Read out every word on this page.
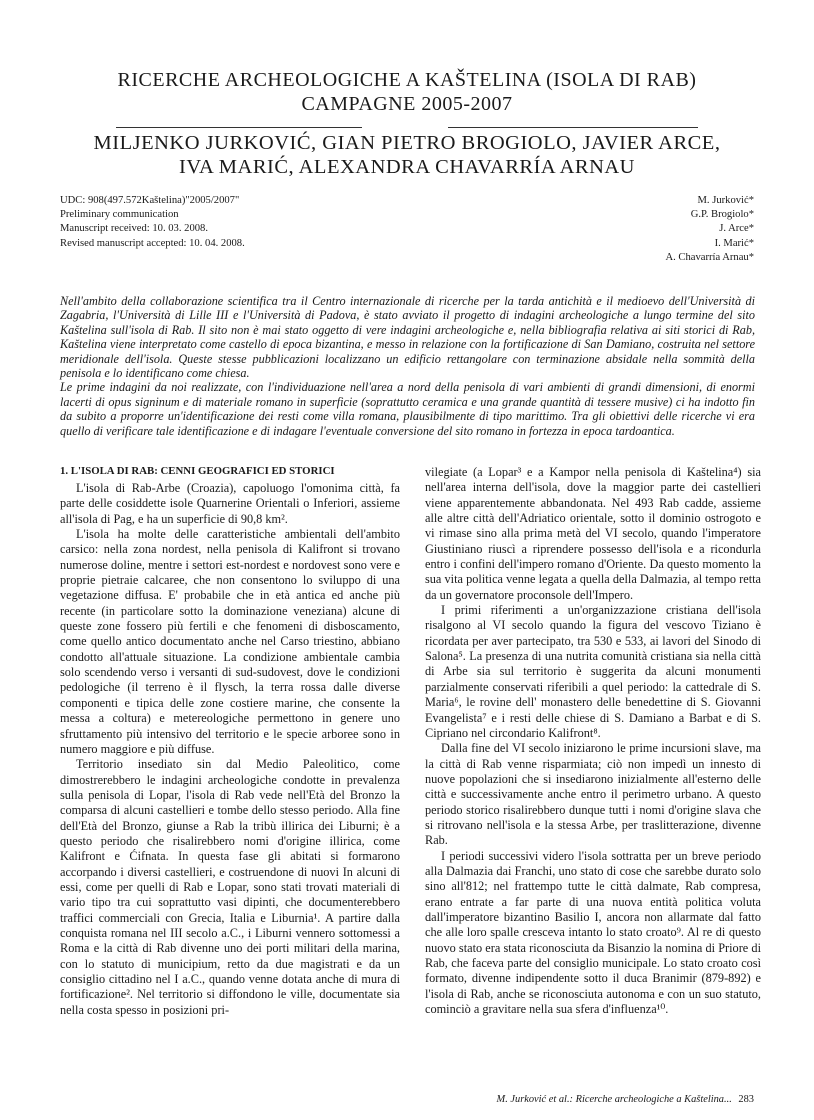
RICERCHE ARCHEOLOGICHE A KAŠTELINA (ISOLA DI RAB)
CAMPAGNE 2005-2007
MILJENKO JURKOVIĆ, GIAN PIETRO BROGIOLO, JAVIER ARCE,
IVA MARIĆ, ALEXANDRA CHAVARRÍA ARNAU
UDC: 908(497.572Kaštelina)"2005/2007"
Preliminary communication
Manuscript received: 10. 03. 2008.
Revised manuscript accepted: 10. 04. 2008.
M. Jurković*
G.P. Brogiolo*
J. Arce*
I. Marić*
A. Chavarría Arnau*

Nell'ambito della collaborazione scientifica tra il Centro internazionale di ricerche per la tarda antichità e il medioevo dell'Università di Zagabria, l'Università di Lille III e l'Università di Padova, è stato avviato il progetto di indagini archeologiche a lungo termine del sito Kaštelina sull'isola di Rab. Il sito non è mai stato oggetto di vere indagini archeologiche e, nella bibliografia relativa ai siti storici di Rab, Kaštelina viene interpretato come castello di epoca bizantina, e messo in relazione con la fortificazione di San Damiano, costruita nel settore meridionale dell'isola. Queste stesse pubblicazioni localizzano un edificio rettangolare con terminazione absidale nella sommità della penisola e lo identificano come chiesa.

Le prime indagini da noi realizzate, con l'individuazione nell'area a nord della penisola di vari ambienti di grandi dimensioni, di enormi lacerti di opus signinum e di materiale romano in superficie (soprattutto ceramica e una grande quantità di tessere musive) ci ha indotto fin da subito a proporre un'identificazione dei resti come villa romana, plausibilmente di tipo marittimo. Tra gli obiettivi delle ricerche vi era quello di verificare tale identificazione e di indagare l'eventuale conversione del sito romano in fortezza in epoca tardoantica.

1. L'ISOLA DI RAB: CENNI GEOGRAFICI ED STORICI

L'isola di Rab-Arbe (Croazia), capoluogo l'omonima città, fa parte delle cosiddette isole Quarnerine Orientali o Inferiori, assieme all'isola di Pag, e ha un superficie di 90,8 km².

L'isola ha molte delle caratteristiche ambientali dell'ambito carsico: nella zona nordest, nella penisola di Kalifront si trovano numerose doline, mentre i settori est-nordest e nordovest sono vere e proprie pietraie calcaree, che non consentono lo sviluppo di una vegetazione diffusa. E' probabile che in età antica ed anche più recente (in particolare sotto la dominazione veneziana) alcune di queste zone fossero più fertili e che fenomeni di disboscamento, come quello antico documentato anche nel Carso triestino, abbiano condotto all'attuale situazione. La condizione ambientale cambia solo scendendo verso i versanti di sud-sudovest, dove le condizioni pedologiche (il terreno è il flysch, la terra rossa dalle diverse componenti e tipica delle zone costiere marine, che consente la messa a coltura) e metereologiche permettono in genere uno sfruttamento più intensivo del territorio e le specie arboree sono in numero maggiore e più diffuse.

Territorio insediato sin dal Medio Paleolitico, come dimostrerebbero le indagini archeologiche condotte in prevalenza sulla penisola di Lopar, l'isola di Rab vede nell'Età del Bronzo la comparsa di alcuni castellieri e tombe dello stesso periodo. Alla fine dell'Età del Bronzo, giunse a Rab la tribù illirica dei Liburni; è a questo periodo che risalirebbero nomi d'origine illirica, come Kalifront e Ćifnata. In questa fase gli abitati si formarono accorpando i diversi castellieri, e costruendone di nuovi In alcuni di essi, come per quelli di Rab e Lopar, sono stati trovati materiali di vario tipo tra cui soprattutto vasi dipinti, che documenterebbero traffici commerciali con Grecia, Italia e Liburnia¹. A partire dalla conquista romana nel III secolo a.C., i Liburni vennero sottomessi a Roma e la città di Rab divenne uno dei porti militari della marina, con lo statuto di municipium, retto da due magistrati e da un consiglio cittadino nel I a.C., quando venne dotata anche di mura di fortificazione². Nel territorio si diffondono le ville, documentate sia nella costa spesso in posizioni pri-

vilegiate (a Lopar³ e a Kampor nella penisola di Kaštelina⁴) sia nell'area interna dell'isola, dove la maggior parte dei castellieri viene apparentemente abbandonata. Nel 493 Rab cadde, assieme alle altre città dell'Adriatico orientale, sotto il dominio ostrogoto e vi rimase sino alla prima metà del VI secolo, quando l'imperatore Giustiniano riuscì a riprendere possesso dell'isola e a ricondurla entro i confini dell'impero romano d'Oriente. Da questo momento la sua vita politica venne legata a quella della Dalmazia, al tempo retta da un governatore proconsole dell'Impero.

I primi riferimenti a un'organizzazione cristiana dell'isola risalgono al VI secolo quando la figura del vescovo Tiziano è ricordata per aver partecipato, tra 530 e 533, ai lavori del Sinodo di Salona⁵. La presenza di una nutrita comunità cristiana sia nella città di Arbe sia sul territorio è suggerita da alcuni monumenti parzialmente conservati riferibili a quel periodo: la cattedrale di S. Maria⁶, le rovine dell' monastero delle benedettine di S. Giovanni Evangelista⁷ e i resti delle chiese di S. Damiano a Barbat e di S. Cipriano nel circondario Kalifront⁸.

Dalla fine del VI secolo iniziarono le prime incursioni slave, ma la città di Rab venne risparmiata; ciò non impedì un innesto di nuove popolazioni che si insediarono inizialmente all'esterno delle città e successivamente anche entro il perimetro urbano. A questo periodo storico risalirebbero dunque tutti i nomi d'origine slava che si ritrovano nell'isola e la stessa Arbe, per traslitterazione, divenne Rab.

I periodi successivi videro l'isola sottratta per un breve periodo alla Dalmazia dai Franchi, uno stato di cose che sarebbe durato solo sino all'812; nel frattempo tutte le città dalmate, Rab compresa, erano entrate a far parte di una nuova entità politica voluta dall'imperatore bizantino Basilio I, ancora non allarmate dal fatto che alle loro spalle cresceva intanto lo stato croato⁹. Al re di questo nuovo stato era stata riconosciuta da Bisanzio la nomina di Priore di Rab, che faceva parte del consiglio municipale. Lo stato croato così formato, divenne indipendente sotto il duca Branimir (879-892) e l'isola di Rab, anche se riconosciuta autonoma e con un suo statuto, cominciò a gravitare nella sua sfera d'influenza¹⁰.

M. Jurković et al.: Ricerche archeologiche a Kaštelina... 283
